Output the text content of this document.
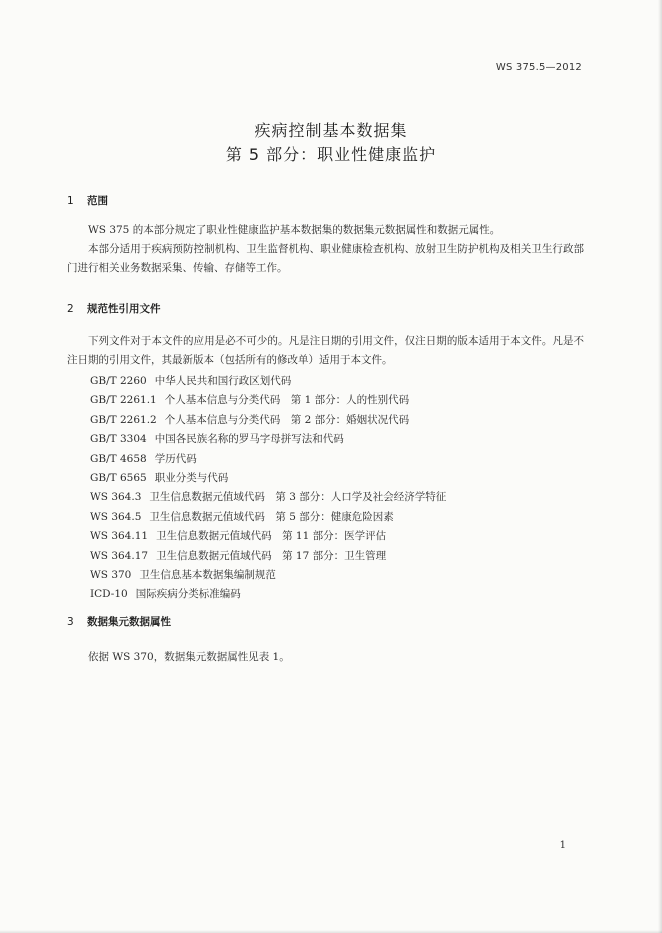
WS 375.5—2012
疾病控制基本数据集
第 5 部分：职业性健康监护
1 范围

WS 375 的本部分规定了职业性健康监护基本数据集的数据集元数据属性和数据元属性。

本部分适用于疾病预防控制机构、卫生监督机构、职业健康检查机构、放射卫生防护机构及相关卫生行政部门进行相关业务数据采集、传输、存储等工作。

2 规范性引用文件

下列文件对于本文件的应用是必不可少的。凡是注日期的引用文件，仅注日期的版本适用于本文件。凡是不注日期的引用文件，其最新版本（包括所有的修改单）适用于本文件。

GB/T 2260 中华人民共和国行政区划代码
GB/T 2261.1 个人基本信息与分类代码　第 1 部分：人的性别代码
GB/T 2261.2 个人基本信息与分类代码　第 2 部分：婚姻状况代码
GB/T 3304 中国各民族名称的罗马字母拼写法和代码
GB/T 4658 学历代码
GB/T 6565 职业分类与代码
WS 364.3 卫生信息数据元值域代码　第 3 部分：人口学及社会经济学特征
WS 364.5 卫生信息数据元值域代码　第 5 部分：健康危险因素
WS 364.11 卫生信息数据元值域代码　第 11 部分：医学评估
WS 364.17 卫生信息数据元值域代码　第 17 部分：卫生管理
WS 370 卫生信息基本数据集编制规范
ICD-10 国际疾病分类标准编码
3 数据集元数据属性

依据 WS 370，数据集元数据属性见表 1。

1
